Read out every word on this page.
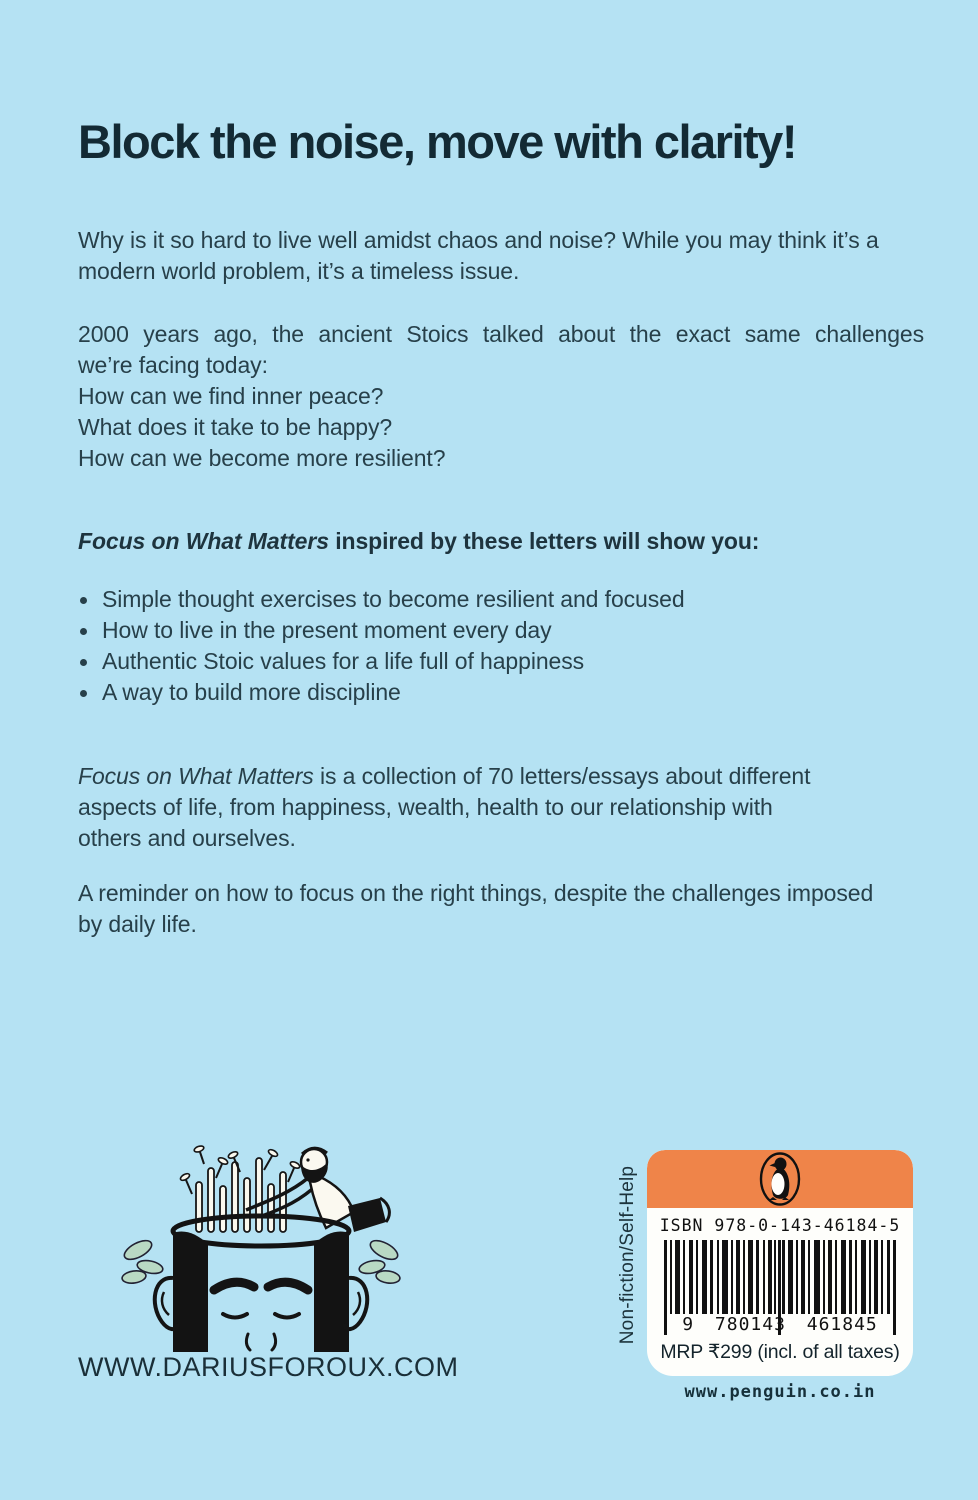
Block the noise, move with clarity!
Why is it so hard to live well amidst chaos and noise? While you may think it’s a
modern world problem, it’s a timeless issue.
2000 years ago, the ancient Stoics talked about the exact same challenges
we’re facing today:
How can we find inner peace?
What does it take to be happy?
How can we become more resilient?

Focus on What Matters inspired by these letters will show you:

Simple thought exercises to become resilient and focused
How to live in the present moment every day
Authentic Stoic values for a life full of happiness
A way to build more discipline
Focus on What Matters is a collection of 70 letters/essays about different
aspects of life, from happiness, wealth, health to our relationship with
others and ourselves.
A reminder on how to focus on the right things, despite the challenges imposed
by daily life.
WWW.DARIUSFOROUX.COM
Non-fiction/Self-Help	ISBN 978-0-143-46184-5
9 780143 461845
MRP ₹299 (incl. of all taxes)
www.penguin.co.in
